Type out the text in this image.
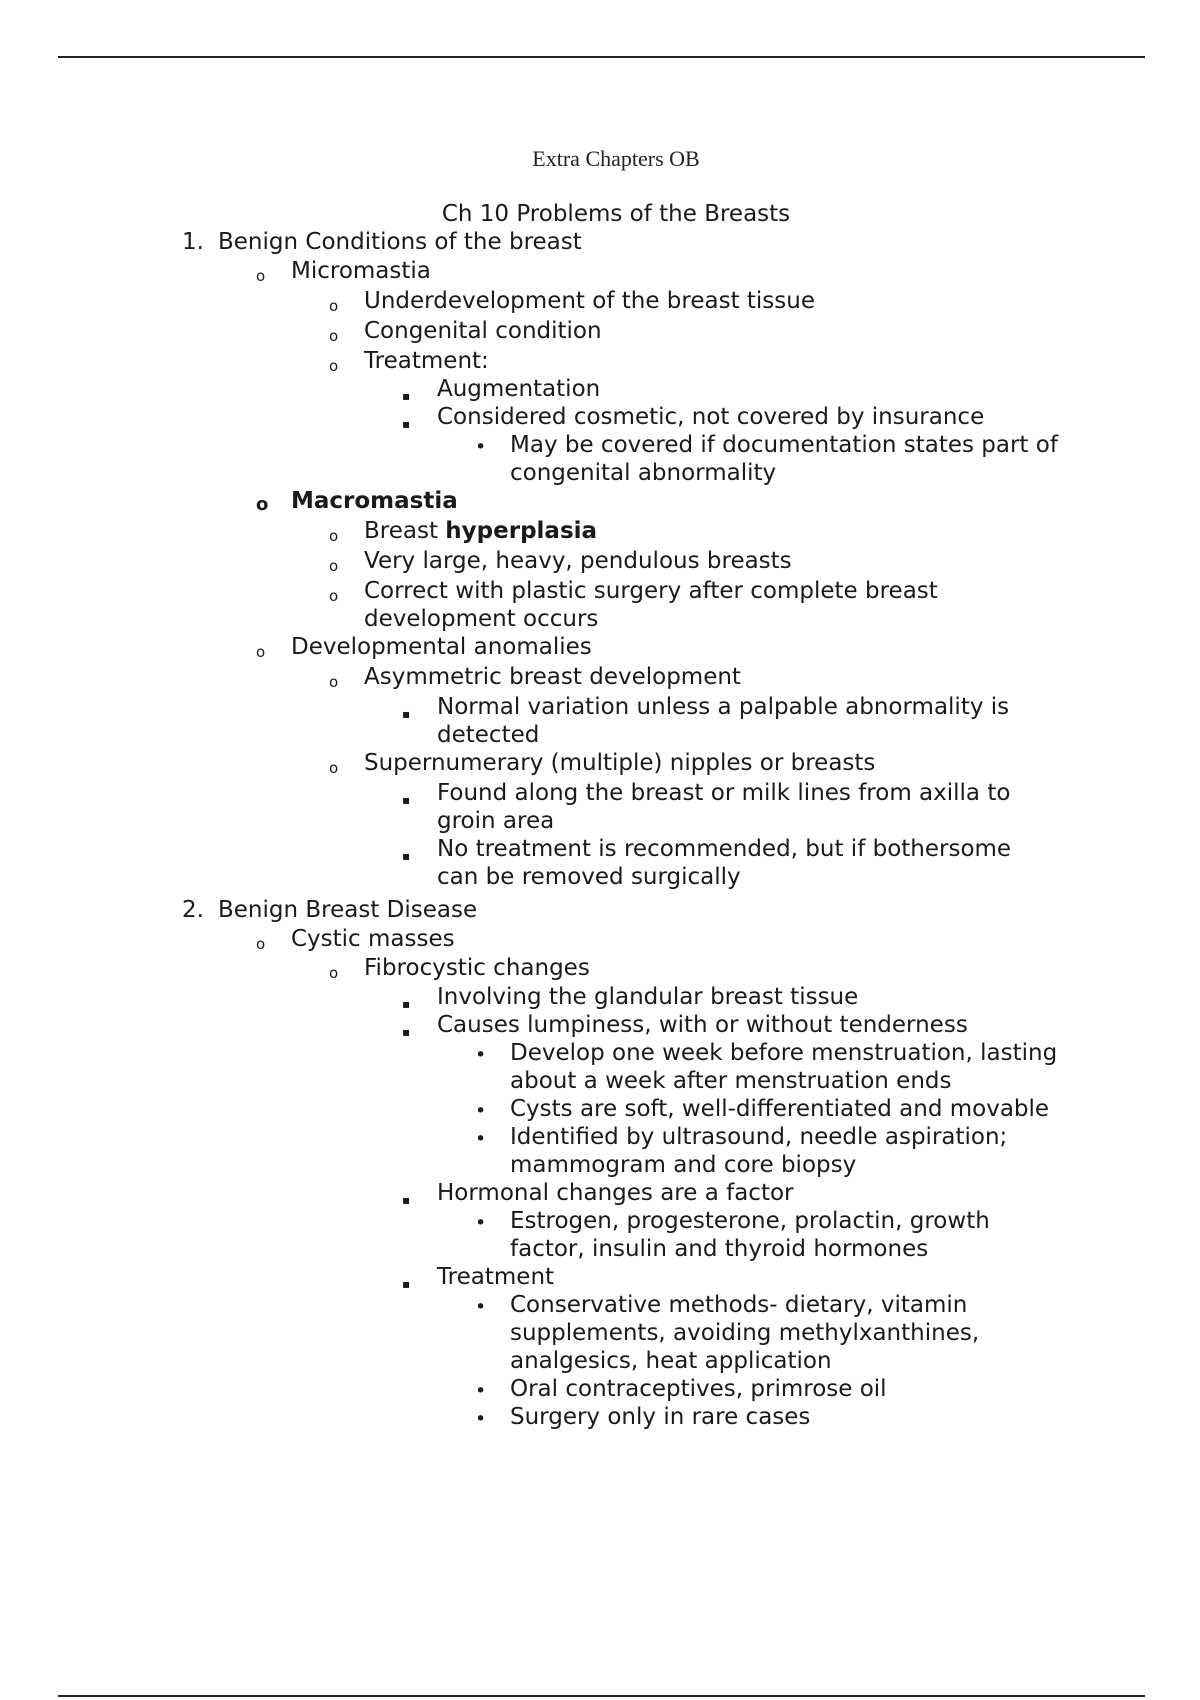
Extra Chapters OB
Ch 10 Problems of the Breasts
1. Benign Conditions of the breast
o Micromastia
o Underdevelopment of the breast tissue
o Congenital condition
o Treatment:
▪ Augmentation
▪ Considered cosmetic, not covered by insurance
• May be covered if documentation states part of
congenital abnormality
o Macromastia
o Breast hyperplasia
o Very large, heavy, pendulous breasts
o Correct with plastic surgery after complete breast
development occurs
o Developmental anomalies
o Asymmetric breast development
▪ Normal variation unless a palpable abnormality is
detected
o Supernumerary (multiple) nipples or breasts
▪ Found along the breast or milk lines from axilla to
groin area
▪ No treatment is recommended, but if bothersome
can be removed surgically
2. Benign Breast Disease
o Cystic masses
o Fibrocystic changes
▪ Involving the glandular breast tissue
▪ Causes lumpiness, with or without tenderness
• Develop one week before menstruation, lasting
about a week after menstruation ends
• Cysts are soft, well-differentiated and movable
• Identified by ultrasound, needle aspiration;
mammogram and core biopsy
▪ Hormonal changes are a factor
• Estrogen, progesterone, prolactin, growth
factor, insulin and thyroid hormones
▪ Treatment
• Conservative methods- dietary, vitamin
supplements, avoiding methylxanthines,
analgesics, heat application
• Oral contraceptives, primrose oil
• Surgery only in rare cases
